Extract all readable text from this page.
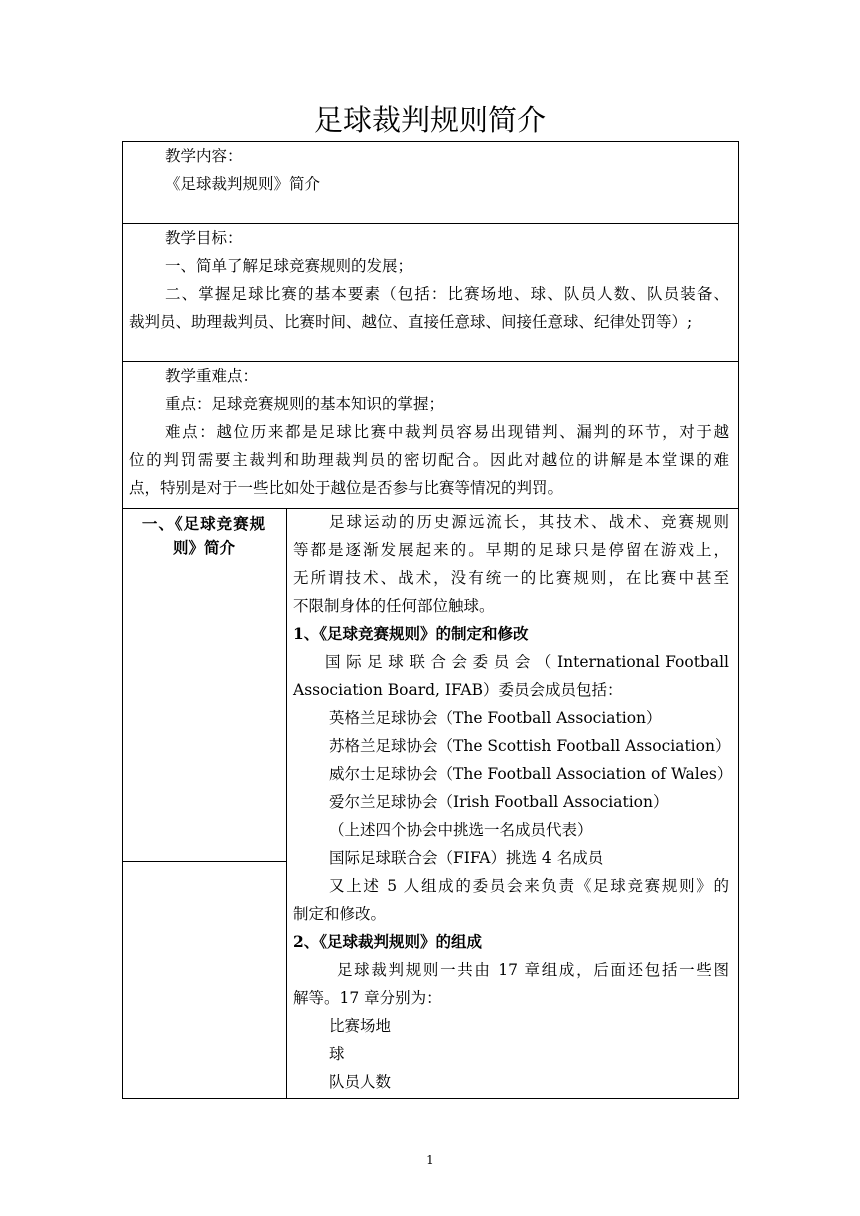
足球裁判规则简介
教学内容：
《足球裁判规则》简介
教学目标：
一、简单了解足球竞赛规则的发展；
二、掌握足球比赛的基本要素（包括：比赛场地、球、队员人数、队员装备、
裁判员、助理裁判员、比赛时间、越位、直接任意球、间接任意球、纪律处罚等）;
教学重难点：
重点：足球竞赛规则的基本知识的掌握；
难点：越位历来都是足球比赛中裁判员容易出现错判、漏判的环节，对于越
位的判罚需要主裁判和助理裁判员的密切配合。因此对越位的讲解是本堂课的难
点，特别是对于一些比如处于越位是否参与比赛等情况的判罚。
一、《足球竞赛规
则》简介
足球运动的历史源远流长，其技术、战术、竞赛规则
等都是逐渐发展起来的。早期的足球只是停留在游戏上，
无所谓技术、战术，没有统一的比赛规则，在比赛中甚至
不限制身体的任何部位触球。
1、《足球竞赛规则》的制定和修改
国 际 足 球 联 合 会 委 员 会 （ International Football
Association Board, IFAB）委员会成员包括：
英格兰足球协会（The Football Association）
苏格兰足球协会（The Scottish Football Association）
威尔士足球协会（The Football Association of Wales）
爱尔兰足球协会（Irish Football Association）
（上述四个协会中挑选一名成员代表）
国际足球联合会（FIFA）挑选 4 名成员
又上述 5 人组成的委员会来负责《足球竞赛规则》的
制定和修改。
2、《足球裁判规则》的组成
足球裁判规则一共由 17 章组成，后面还包括一些图
解等。17 章分别为：
比赛场地
球
队员人数
1
